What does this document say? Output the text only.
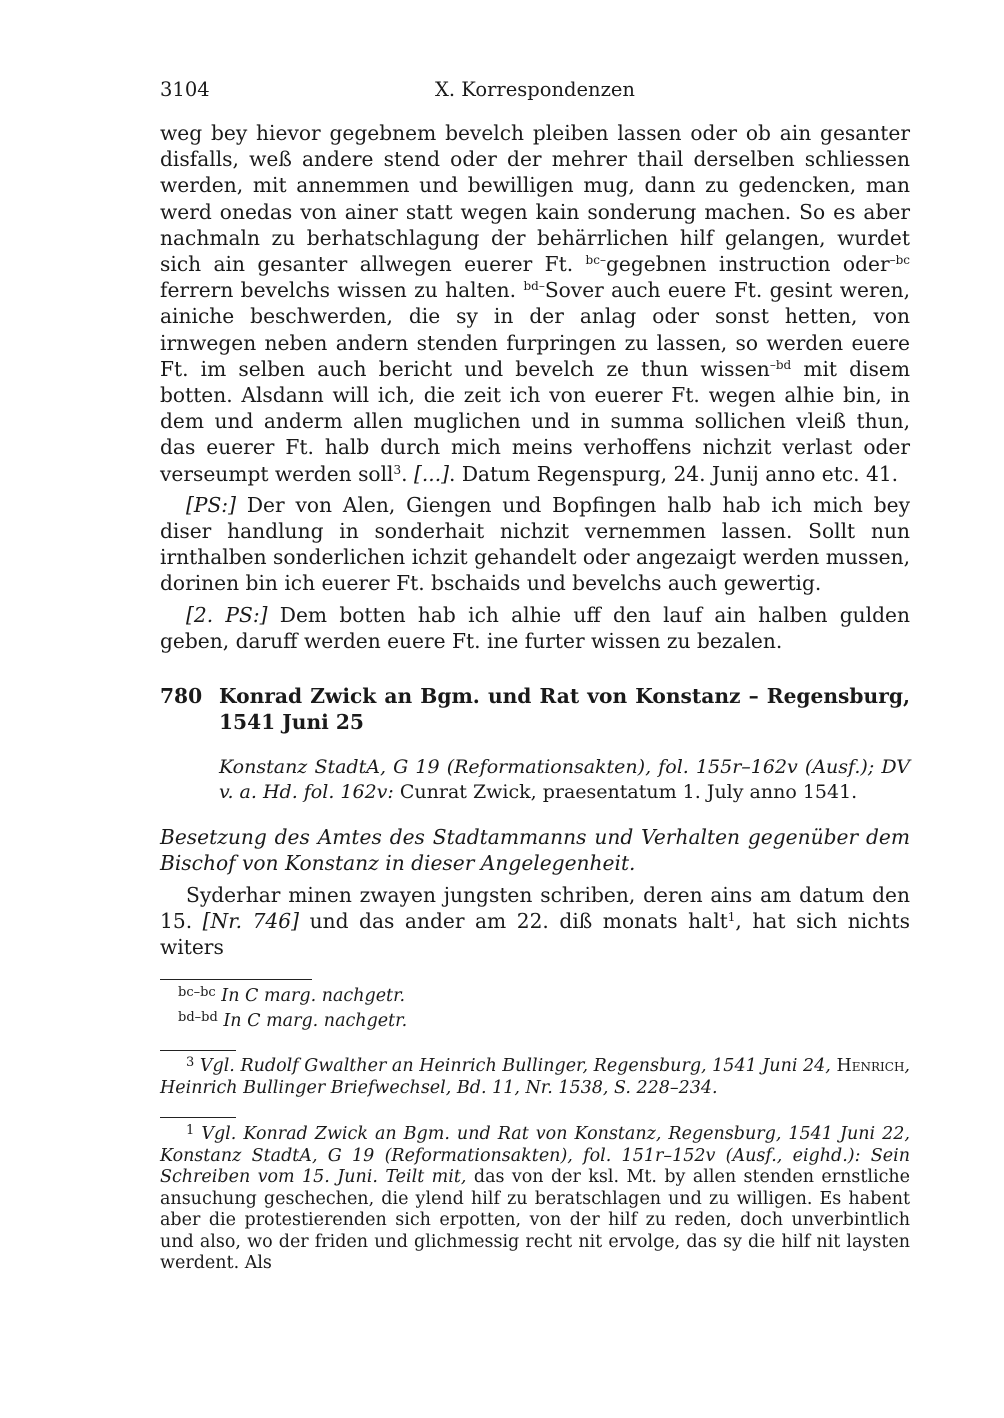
3104	X. Korrespondenzen

weg bey hievor gegebnem bevelch pleiben lassen oder ob ain gesanter disfalls, weß andere stend oder der mehrer thail derselben schliessen werden, mit annemmen und bewilligen mug, dann zu gedencken, man werd onedas von ainer statt wegen kain sonderung machen. So es aber nachmaln zu berhatschlagung der behärrlichen hilf gelangen, wurdet sich ain gesanter allwegen euerer Ft. $^{bc-}$gegebnen instruction oder$^{-bc}$ ferrern bevelchs wissen zu halten. $^{bd-}$Sover auch euere Ft. gesint weren, ainiche beschwerden, die sy in der anlag oder sonst hetten, von irnwegen neben andern stenden furpringen zu lassen, so werden euere Ft. im selben auch bericht und bevelch ze thun wissen$^{-bd}$ mit disem botten. Alsdann will ich, die zeit ich von euerer Ft. wegen alhie bin, in dem und anderm allen muglichen und in summa sollichen vleiß thun, das euerer Ft. halb durch mich meins verhoffens nichzit verlast oder verseumpt werden soll$^3$. [...]. Datum Regenspurg, 24. Junij anno etc. 41.

[PS:] Der von Alen, Giengen und Bopfingen halb hab ich mich bey diser handlung in sonderhait nichzit vernemmen lassen. Sollt nun irnthalben sonderlichen ichzit gehandelt oder angezaigt werden mussen, dorinen bin ich euerer Ft. bschaids und bevelchs auch gewertig.

[2. PS:] Dem botten hab ich alhie uff den lauf ain halben gulden geben, daruff werden euere Ft. ine furter wissen zu bezalen.

780 Konrad Zwick an Bgm. und Rat von Konstanz – Regensburg, 1541 Juni 25
Konstanz StadtA, G 19 (Reformationsakten), fol. 155r–162v (Ausf.); DV v. a. Hd. fol. 162v: Cunrat Zwick, praesentatum 1. July anno 1541.
Besetzung des Amtes des Stadtammanns und Verhalten gegenüber dem Bischof von Konstanz in dieser Angelegenheit.

Syderhar minen zwayen jungsten schriben, deren ains am datum den 15. [Nr. 746] und das ander am 22. diß monats halt$^1$, hat sich nichts witers

$^{bc-bc}$ In C marg. nachgetr.
$^{bd-bd}$ In C marg. nachgetr.
$^3$ Vgl. Rudolf Gwalther an Heinrich Bullinger, Regensburg, 1541 Juni 24, Henrich, Heinrich Bullinger Briefwechsel, Bd. 11, Nr. 1538, S. 228–234.
$^1$ Vgl. Konrad Zwick an Bgm. und Rat von Konstanz, Regensburg, 1541 Juni 22, Konstanz StadtA, G 19 (Reformationsakten), fol. 151r–152v (Ausf., eighd.): Sein Schreiben vom 15. Juni. Teilt mit, das von der ksl. Mt. by allen stenden ernstliche ansuchung geschechen, die ylend hilf zu beratschlagen und zu willigen. Es habent aber die protestierenden sich erpotten, von der hilf zu reden, doch unverbintlich und also, wo der friden und glichmessig recht nit ervolge, das sy die hilf nit laysten werdent. Als
